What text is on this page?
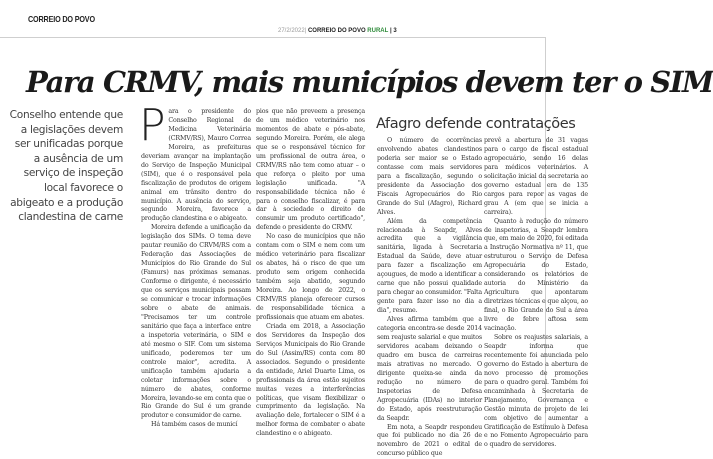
CORREIO DO POVO
27/2/2022| CORREIO DO POVO RURAL | 3
Para CRMV, mais municípios devem ter o SIM
Conselho entende que a legislações devem ser unificadas porque a ausência de um serviço de inspeção local favorece o abigeato e a produção clandestina de carne

Para o presidente do Conselho Regional de Medicina Veterinária (CRMV/RS), Mauro Correa Moreira, as prefeituras deveriam avançar na implantação do Serviço de Inspeção Municipal (SIM), que é o responsável pela fiscalização de produtos de origem animal em trânsito dentro do município. A ausência do serviço, segundo Moreira, favorece a produção clandestina e o abigeato.

Moreira defende a unificação da legislação dos SIMs. O tema deve pautar reunião do CRVM/RS com a Federação das Associações de Municípios do Rio Grande do Sul (Famurs) nas próximas semanas. Conforme o dirigente, é necessário que os serviços municipais possam se comunicar e trocar informações sobre o abate de animais. "Precisamos ter um controle sanitário que faça a interface entre a inspetoria veterinária, o SIM e até mesmo o SIF. Com um sistema unificado, poderemos ter um controle maior", acredita. A unificação também ajudaria a coletar informações sobre o número de abates, conforme Moreira, levando-se em conta que o Rio Grande do Sul é um grande produtor e consumidor de carne.

Há também casos de municí

pios que não preveem a presença de um médico veterinário nos momentos de abate e pós-abate, segundo Moreira. Porém, ele alega que se o responsável técnico for um profissional de outra área, o CRMV/RS não tem como atuar – o que reforça o pleito por uma legislação unificada. "A responsabilidade técnica não é para o conselho fiscalizar, é para dar à sociedade o direito de consumir um produto certificado", defende o presidente do CRMV.

No caso de municípios que não contam com o SIM e nem com um médico veterinário para fiscalizar os abates, há o risco de que um produto sem origem conhecida também seja abatido, segundo Moreira. Ao longo de 2022, o CRMV/RS planeja oferecer cursos de responsabilidade técnica a profissionais que atuam em abates.

Criada em 2018, a Associação dos Servidores da Inspeção dos Serviços Municipais do Rio Grande do Sul (Assim/RS) conta com 80 associados. Segundo o presidente da entidade, Ariel Duarte Lima, os profissionais da área estão sujeitos muitas vezes a interferências políticas, que visam flexibilizar o cumprimento da legislação. Na avaliação dele, fortalecer o SIM é a melhor forma de combater o abate clandestino e o abigeato.

Afagro defende contratações

O número de ocorrências envolvendo abates clandestinos poderia ser maior se o Estado contasse com mais servidores para a fiscalização, segundo o presidente da Associação dos Fiscais Agropecuários do Rio Grande do Sul (Afagro), Richard Alves.

Além da competência relacionada à Seapdr, Alves acredita que a vigilância sanitária, ligada à Secretaria Estadual da Saúde, deve atuar para fazer a fiscalização em açougues, de modo a identificar a carne que não possui qualidade para chegar ao consumidor. "Falta gente para fazer isso no dia a dia", resume.

Alves afirma também que a categoria encontra-se desde 2014 sem reajuste salarial e que muitos servidores acabam deixando o quadro em busca de carreiras mais atrativas no mercado. O dirigente queixa-se ainda da redução no número de Inspetorias de Defesa Agropecuária (IDAs) no interior do Estado, após reestruturação da Seapdr.

Em nota, a Seapdr respondeu que foi publicado no dia 26 de novembro de 2021 o edital de concurso público que

prevê a abertura de 31 vagas para o cargo de fiscal estadual agropecuário, sendo 16 delas para médicos veterinários. A solicitação inicial da secretaria ao governo estadual era de 135 cargos para repor as vagas de grau A (em que se inicia a carreira).

Quanto à redução do número de inspetorias, a Seapdr lembra que, em maio de 2020, foi editada a Instrução Normativa nº 11, que estruturou o Serviço de Defesa Agropecuária do Estado, considerando os relatórios de autoria do Ministério da Agricultura que apontaram diretrizes técnicas e que alçou, ao final, o Rio Grande do Sul a área livre de febre aftosa sem vacinação.

Sobre os reajustes salariais, a Seapdr informa que recentemente foi anunciada pelo governo do Estado a abertura de novo processo de promoções para o quadro geral. Também foi encaminhada à Secretaria de Planejamento, Governança e Gestão minuta de projeto de lei com objetivo de aumentar a Gratificação de Estímulo à Defesa e no Fomento Agropecuário para o quadro de servidores.
